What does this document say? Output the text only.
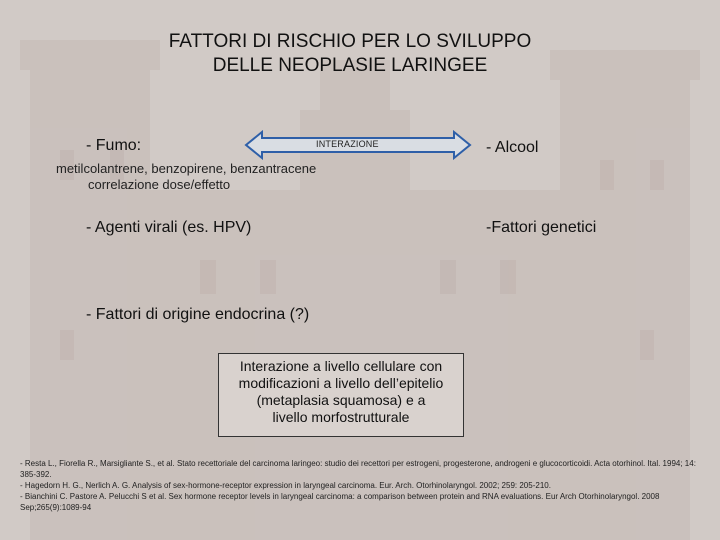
FATTORI DI RISCHIO PER LO SVILUPPO
DELLE NEOPLASIE LARINGEE
- Fumo:	INTERAZIONE	- Alcool
metilcolantrene, benzopirene, benzantracene
correlazione dose/effetto
- Agenti virali (es. HPV)	-Fattori genetici
- Fattori di origine endocrina (?)
Interazione a livello cellulare con
modificazioni a livello dell’epitelio
(metaplasia squamosa) e a
livello morfostrutturale
- Resta L., Fiorella R., Marsigliante S., et al. Stato recettoriale del carcinoma laringeo: studio dei recettori per estrogeni, progesterone, androgeni e glucocorticoidi. Acta otorhinol. Ital. 1994; 14: 385-392.
- Hagedorn H. G., Nerlich A. G. Analysis of sex-hormone-receptor expression in laryngeal carcinoma. Eur. Arch. Otorhinolaryngol. 2002; 259: 205-210.
- Bianchini C. Pastore A. Pelucchi S et al. Sex hormone receptor levels in laryngeal carcinoma: a comparison between protein and RNA evaluations. Eur Arch Otorhinolaryngol. 2008 Sep;265(9):1089-94
